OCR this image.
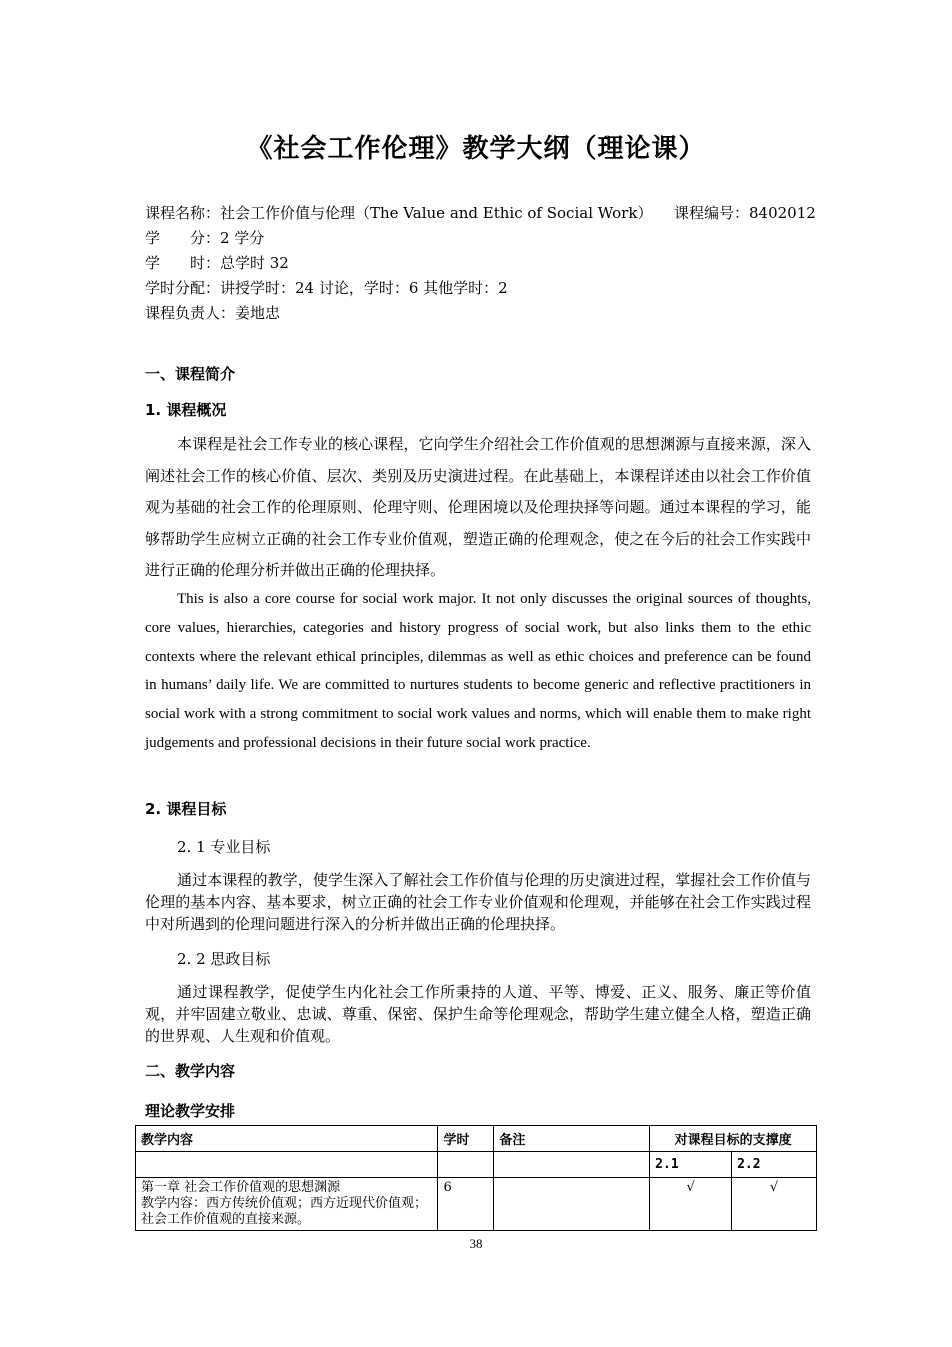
《社会工作伦理》教学大纲（理论课）
课程名称：社会工作价值与伦理（The Value and Ethic of Social Work） 课程编号：8402012
学　　分：2 学分
学　　时：总学时 32
学时分配：讲授学时：24 讨论，学时：6 其他学时：2
课程负责人：姜地忠
一、课程简介
1. 课程概况
本课程是社会工作专业的核心课程，它向学生介绍社会工作价值观的思想渊源与直接来源，深入阐述社会工作的核心价值、层次、类别及历史演进过程。在此基础上，本课程详述由以社会工作价值观为基础的社会工作的伦理原则、伦理守则、伦理困境以及伦理抉择等问题。通过本课程的学习，能够帮助学生应树立正确的社会工作专业价值观，塑造正确的伦理观念，使之在今后的社会工作实践中进行正确的伦理分析并做出正确的伦理抉择。
This is also a core course for social work major. It not only discusses the original sources of thoughts, core values, hierarchies, categories and history progress of social work, but also links them to the ethic contexts where the relevant ethical principles, dilemmas as well as ethic choices and preference can be found in humans’ daily life. We are committed to nurtures students to become generic and reflective practitioners in social work with a strong commitment to social work values and norms, which will enable them to make right judgements and professional decisions in their future social work practice.
2. 课程目标
2. 1 专业目标
通过本课程的教学，使学生深入了解社会工作价值与伦理的历史演进过程，掌握社会工作价值与伦理的基本内容、基本要求，树立正确的社会工作专业价值观和伦理观，并能够在社会工作实践过程中对所遇到的伦理问题进行深入的分析并做出正确的伦理抉择。
2. 2 思政目标
通过课程教学，促使学生内化社会工作所秉持的人道、平等、博爱、正义、服务、廉正等价值观，并牢固建立敬业、忠诚、尊重、保密、保护生命等伦理观念，帮助学生建立健全人格，塑造正确的世界观、人生观和价值观。
二、教学内容
理论教学安排
教学内容	学时	备注	对课程目标的支撑度	
			2.1	2.2
第一章 社会工作价值观的思想渊源
教学内容：西方传统价值观；西方近现代价值观；社会工作价值观的直接来源。	6		√	√
38
